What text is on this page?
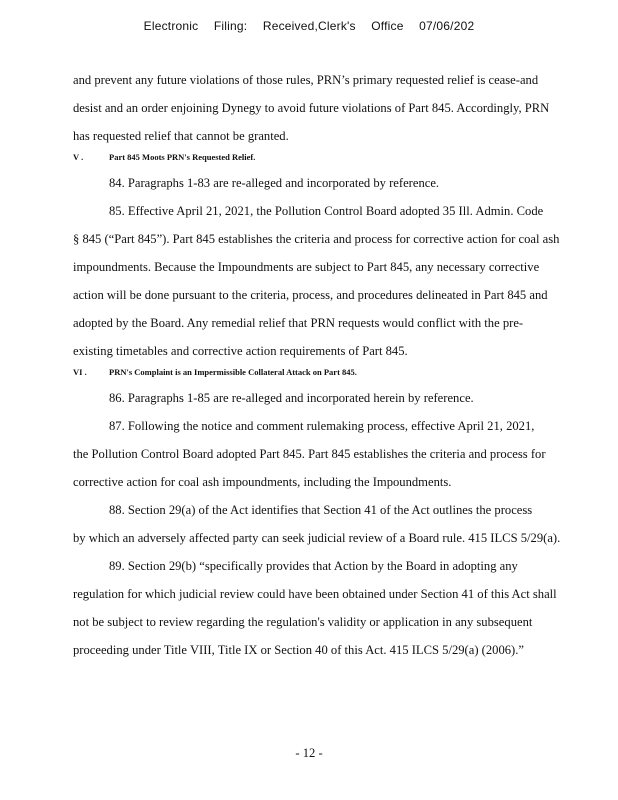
Electronic Filing: Received,Clerk's Office 07/06/202
and prevent any future violations of those rules, PRN’s primary requested relief is cease-and
desist and an order enjoining Dynegy to avoid future violations of Part 845. Accordingly, PRN
has requested relief that cannot be granted.
V .	Part 845 Moots PRN's Requested Relief.
84. Paragraphs 1-83 are re-alleged and incorporated by reference.
85. Effective April 21, 2021, the Pollution Control Board adopted 35 Ill. Admin. Code
§ 845 (“Part 845”). Part 845 establishes the criteria and process for corrective action for coal ash
impoundments. Because the Impoundments are subject to Part 845, any necessary corrective
action will be done pursuant to the criteria, process, and procedures delineated in Part 845 and
adopted by the Board. Any remedial relief that PRN requests would conflict with the pre-
existing timetables and corrective action requirements of Part 845.
VI .	PRN's Complaint is an Impermissible Collateral Attack on Part 845.
86. Paragraphs 1-85 are re-alleged and incorporated herein by reference.
87. Following the notice and comment rulemaking process, effective April 21, 2021,
the Pollution Control Board adopted Part 845. Part 845 establishes the criteria and process for
corrective action for coal ash impoundments, including the Impoundments.
88. Section 29(a) of the Act identifies that Section 41 of the Act outlines the process
by which an adversely affected party can seek judicial review of a Board rule. 415 ILCS 5/29(a).
89. Section 29(b) “specifically provides that Action by the Board in adopting any
regulation for which judicial review could have been obtained under Section 41 of this Act shall
not be subject to review regarding the regulation's validity or application in any subsequent
proceeding under Title VIII, Title IX or Section 40 of this Act. 415 ILCS 5/29(a) (2006).”
- 12 -
